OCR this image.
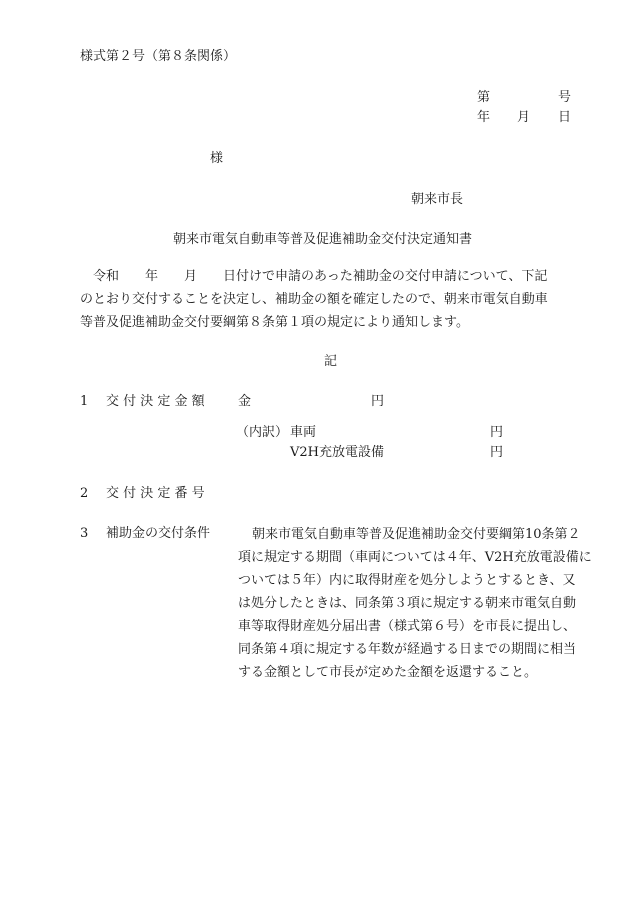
様式第２号（第８条関係）
第	号
年 月 日
様
朝来市長
朝来市電気自動車等普及促進補助金交付決定通知書
令和　　年　　月　　日付けで申請のあった補助金の交付申請について、下記
のとおり交付することを決定し、補助金の額を確定したので、朝来市電気自動車
等普及促進補助金交付要綱第８条第１項の規定により通知します。
記
1 交 付 決 定 金 額	金	円
（内訳） 車両	円
V2H充放電設備	円
2 交 付 決 定 番 号
3 補助金の交付条件	朝来市電気自動車等普及促進補助金交付要綱第10条第２
項に規定する期間（車両については４年、V2H充放電設備に
ついては５年）内に取得財産を処分しようとするとき、又
は処分したときは、同条第３項に規定する朝来市電気自動
車等取得財産処分届出書（様式第６号）を市長に提出し、
同条第４項に規定する年数が経過する日までの期間に相当
する金額として市長が定めた金額を返還すること。
